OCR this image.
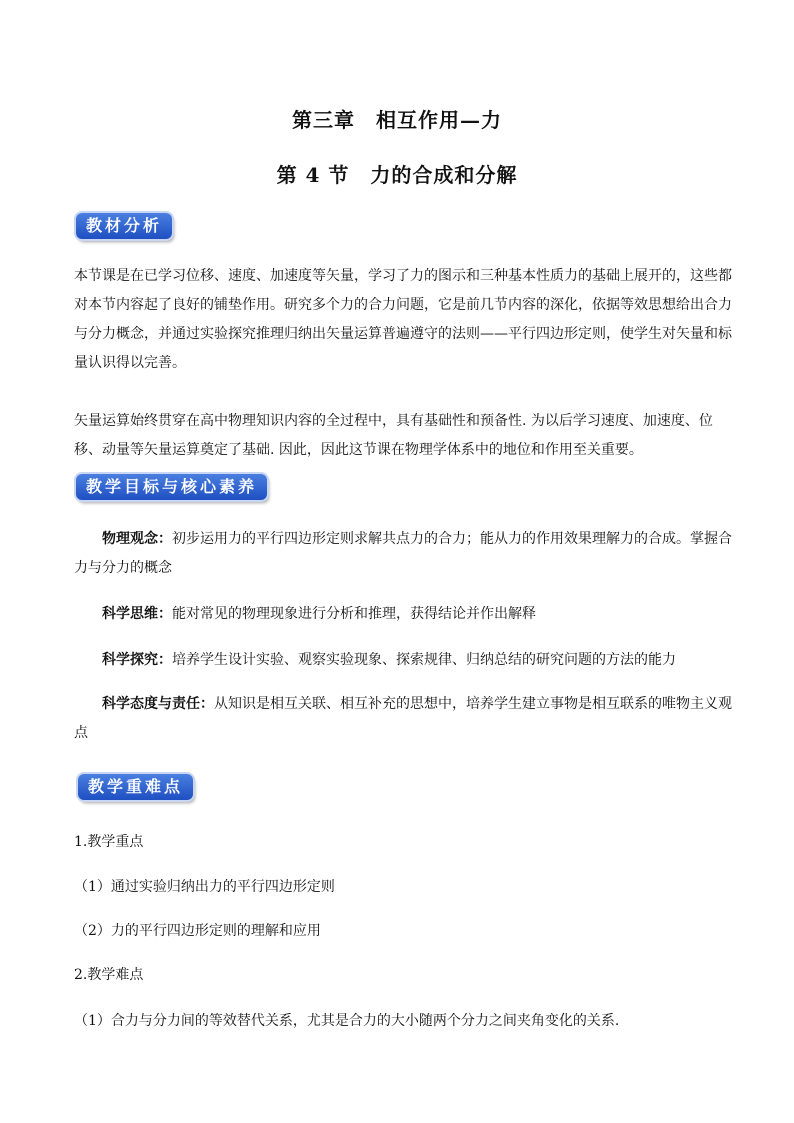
第三章　相互作用—力
第 4 节　力的合成和分解
教材分析

本节课是在已学习位移、速度、加速度等矢量，学习了力的图示和三种基本性质力的基础上展开的，这些都对本节内容起了良好的铺垫作用。研究多个力的合力问题，它是前几节内容的深化，依据等效思想给出合力与分力概念，并通过实验探究推理归纳出矢量运算普遍遵守的法则——平行四边形定则，使学生对矢量和标量认识得以完善。

矢量运算始终贯穿在高中物理知识内容的全过程中，具有基础性和预备性. 为以后学习速度、加速度、位移、动量等矢量运算奠定了基础. 因此，因此这节课在物理学体系中的地位和作用至关重要。

教学目标与核心素养

物理观念：初步运用力的平行四边形定则求解共点力的合力；能从力的作用效果理解力的合成。掌握合力与分力的概念

科学思维：能对常见的物理现象进行分析和推理，获得结论并作出解释

科学探究：培养学生设计实验、观察实验现象、探索规律、归纳总结的研究问题的方法的能力

科学态度与责任：从知识是相互关联、相互补充的思想中，培养学生建立事物是相互联系的唯物主义观点

教学重难点

1.教学重点

（1）通过实验归纳出力的平行四边形定则

（2）力的平行四边形定则的理解和应用

2.教学难点

（1）合力与分力间的等效替代关系，尤其是合力的大小随两个分力之间夹角变化的关系.
